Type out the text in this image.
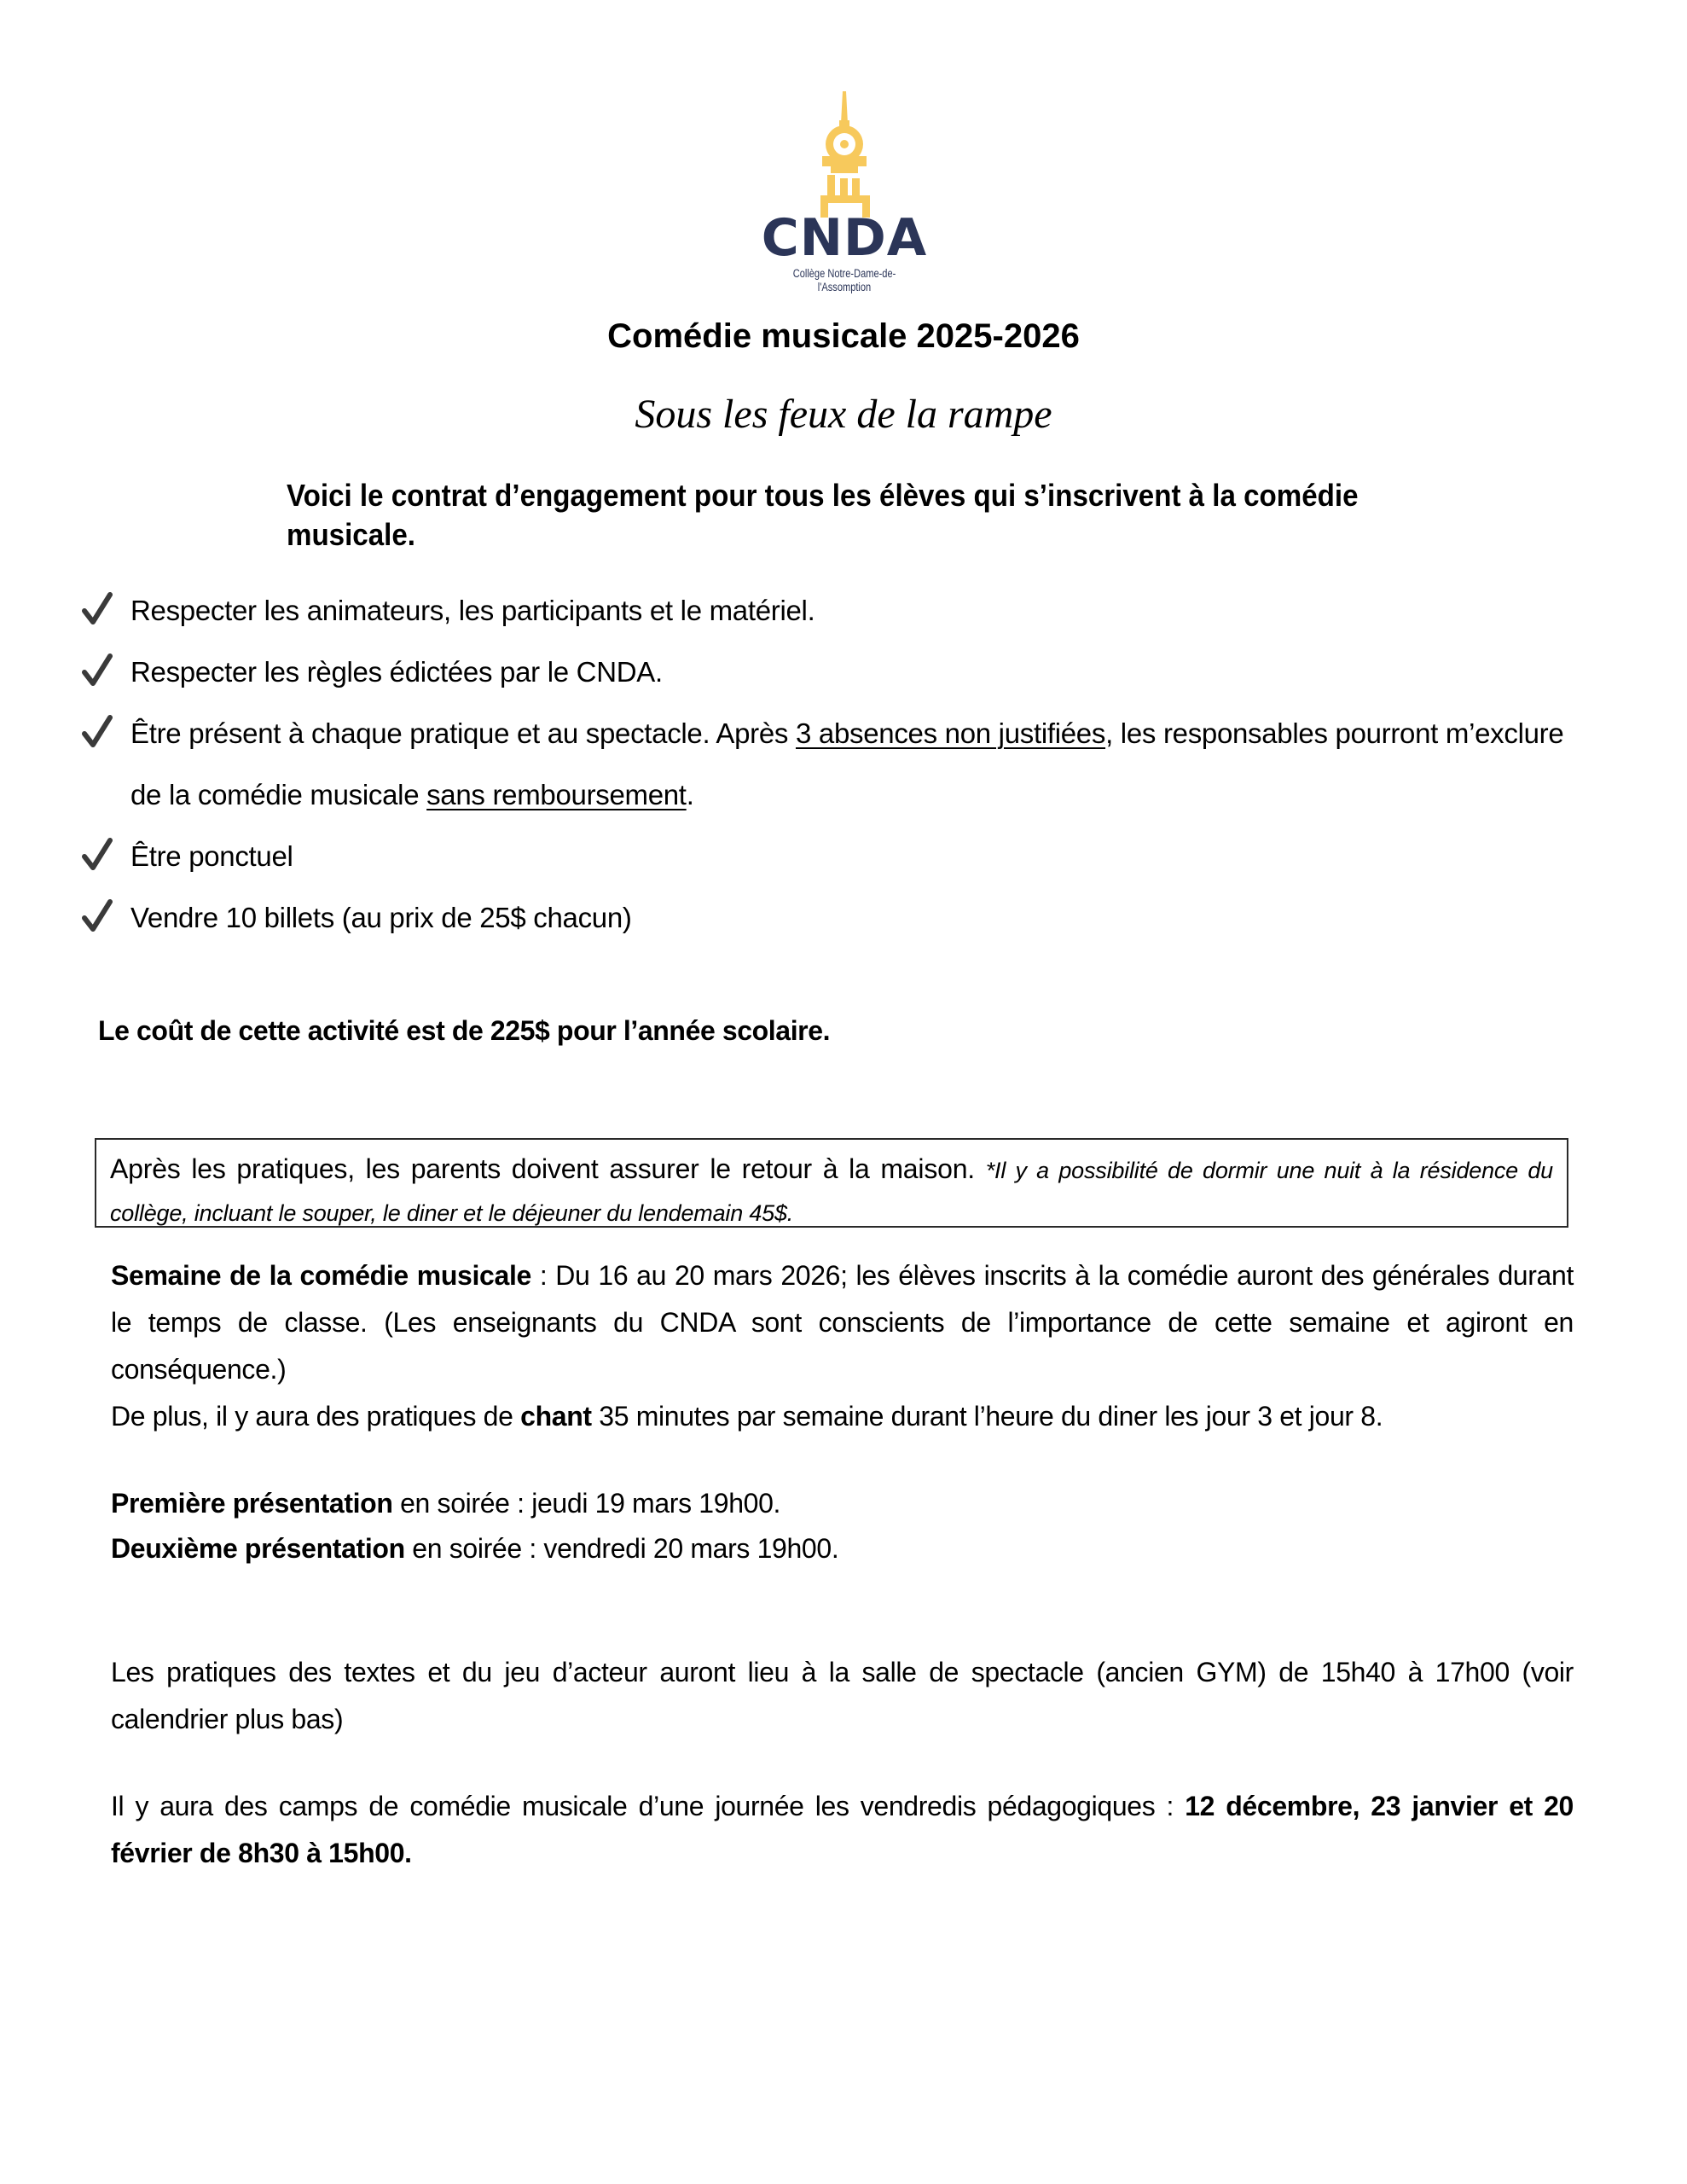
CNDA
Collège Notre-Dame-de-l'Assomption
Comédie musicale 2025-2026
Sous les feux de la rampe
Voici le contrat d’engagement pour tous les élèves qui s’inscrivent à la comédie musicale.
Respecter les animateurs, les participants et le matériel.
Respecter les règles édictées par le CNDA.
Être présent à chaque pratique et au spectacle. Après 3 absences non justifiées, les responsables pourront m’exclure de la comédie musicale sans remboursement.
Être ponctuel
Vendre 10 billets (au prix de 25$ chacun)
Le coût de cette activité est de 225$ pour l’année scolaire.
Après les pratiques, les parents doivent assurer le retour à la maison. *Il y a possibilité de dormir une nuit à la résidence du collège, incluant le souper, le diner et le déjeuner du lendemain 45$.
Semaine de la comédie musicale : Du 16 au 20 mars 2026; les élèves inscrits à la comédie auront des générales durant le temps de classe. (Les enseignants du CNDA sont conscients de l’importance de cette semaine et agiront en conséquence.)
De plus, il y aura des pratiques de chant 35 minutes par semaine durant l’heure du diner les jour 3 et jour 8.
Première présentation en soirée : jeudi 19 mars 19h00.
Deuxième présentation en soirée : vendredi 20 mars 19h00.
Les pratiques des textes et du jeu d’acteur auront lieu à la salle de spectacle (ancien GYM) de 15h40 à 17h00 (voir calendrier plus bas)
Il y aura des camps de comédie musicale d’une journée les vendredis pédagogiques : 12 décembre, 23 janvier et 20 février de 8h30 à 15h00.
